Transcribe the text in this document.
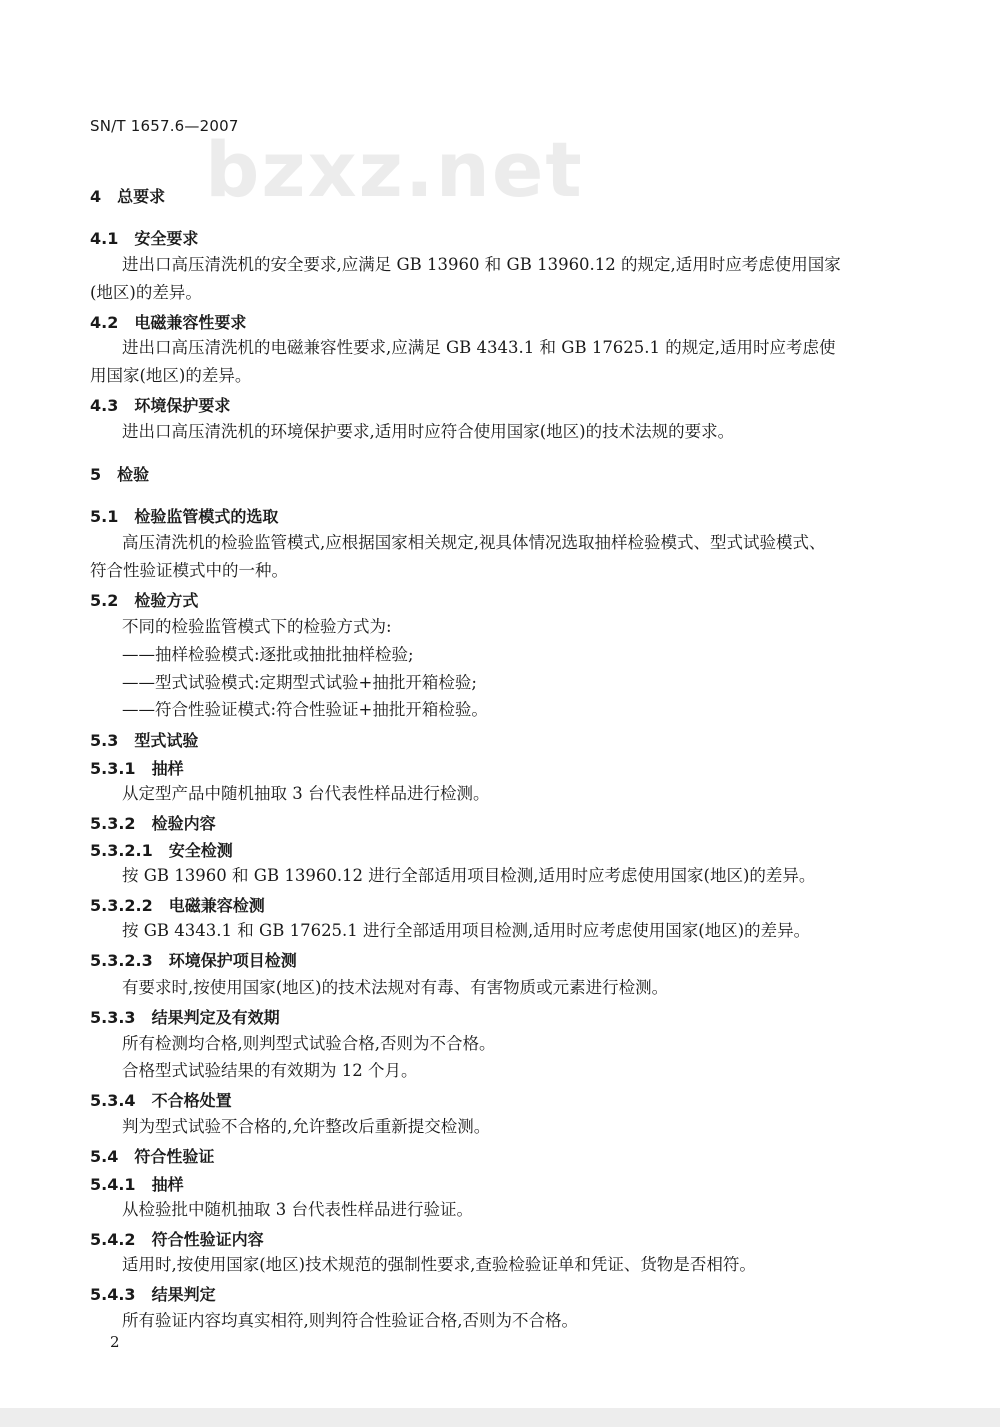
bzxz.net
SN/T 1657.6—2007
4 总要求
4.1 安全要求
进出口高压清洗机的安全要求,应满足 GB 13960 和 GB 13960.12 的规定,适用时应考虑使用国家
(地区)的差异。
4.2 电磁兼容性要求
进出口高压清洗机的电磁兼容性要求,应满足 GB 4343.1 和 GB 17625.1 的规定,适用时应考虑使
用国家(地区)的差异。
4.3 环境保护要求
进出口高压清洗机的环境保护要求,适用时应符合使用国家(地区)的技术法规的要求。
5 检验
5.1 检验监管模式的选取
高压清洗机的检验监管模式,应根据国家相关规定,视具体情况选取抽样检验模式、型式试验模式、
符合性验证模式中的一种。
5.2 检验方式
不同的检验监管模式下的检验方式为:
——抽样检验模式:逐批或抽批抽样检验;
——型式试验模式:定期型式试验+抽批开箱检验;
——符合性验证模式:符合性验证+抽批开箱检验。
5.3 型式试验
5.3.1 抽样
从定型产品中随机抽取 3 台代表性样品进行检测。
5.3.2 检验内容
5.3.2.1 安全检测
按 GB 13960 和 GB 13960.12 进行全部适用项目检测,适用时应考虑使用国家(地区)的差异。
5.3.2.2 电磁兼容检测
按 GB 4343.1 和 GB 17625.1 进行全部适用项目检测,适用时应考虑使用国家(地区)的差异。
5.3.2.3 环境保护项目检测
有要求时,按使用国家(地区)的技术法规对有毒、有害物质或元素进行检测。
5.3.3 结果判定及有效期
所有检测均合格,则判型式试验合格,否则为不合格。
合格型式试验结果的有效期为 12 个月。
5.3.4 不合格处置
判为型式试验不合格的,允许整改后重新提交检测。
5.4 符合性验证
5.4.1 抽样
从检验批中随机抽取 3 台代表性样品进行验证。
5.4.2 符合性验证内容
适用时,按使用国家(地区)技术规范的强制性要求,查验检验证单和凭证、货物是否相符。
5.4.3 结果判定
所有验证内容均真实相符,则判符合性验证合格,否则为不合格。
2
